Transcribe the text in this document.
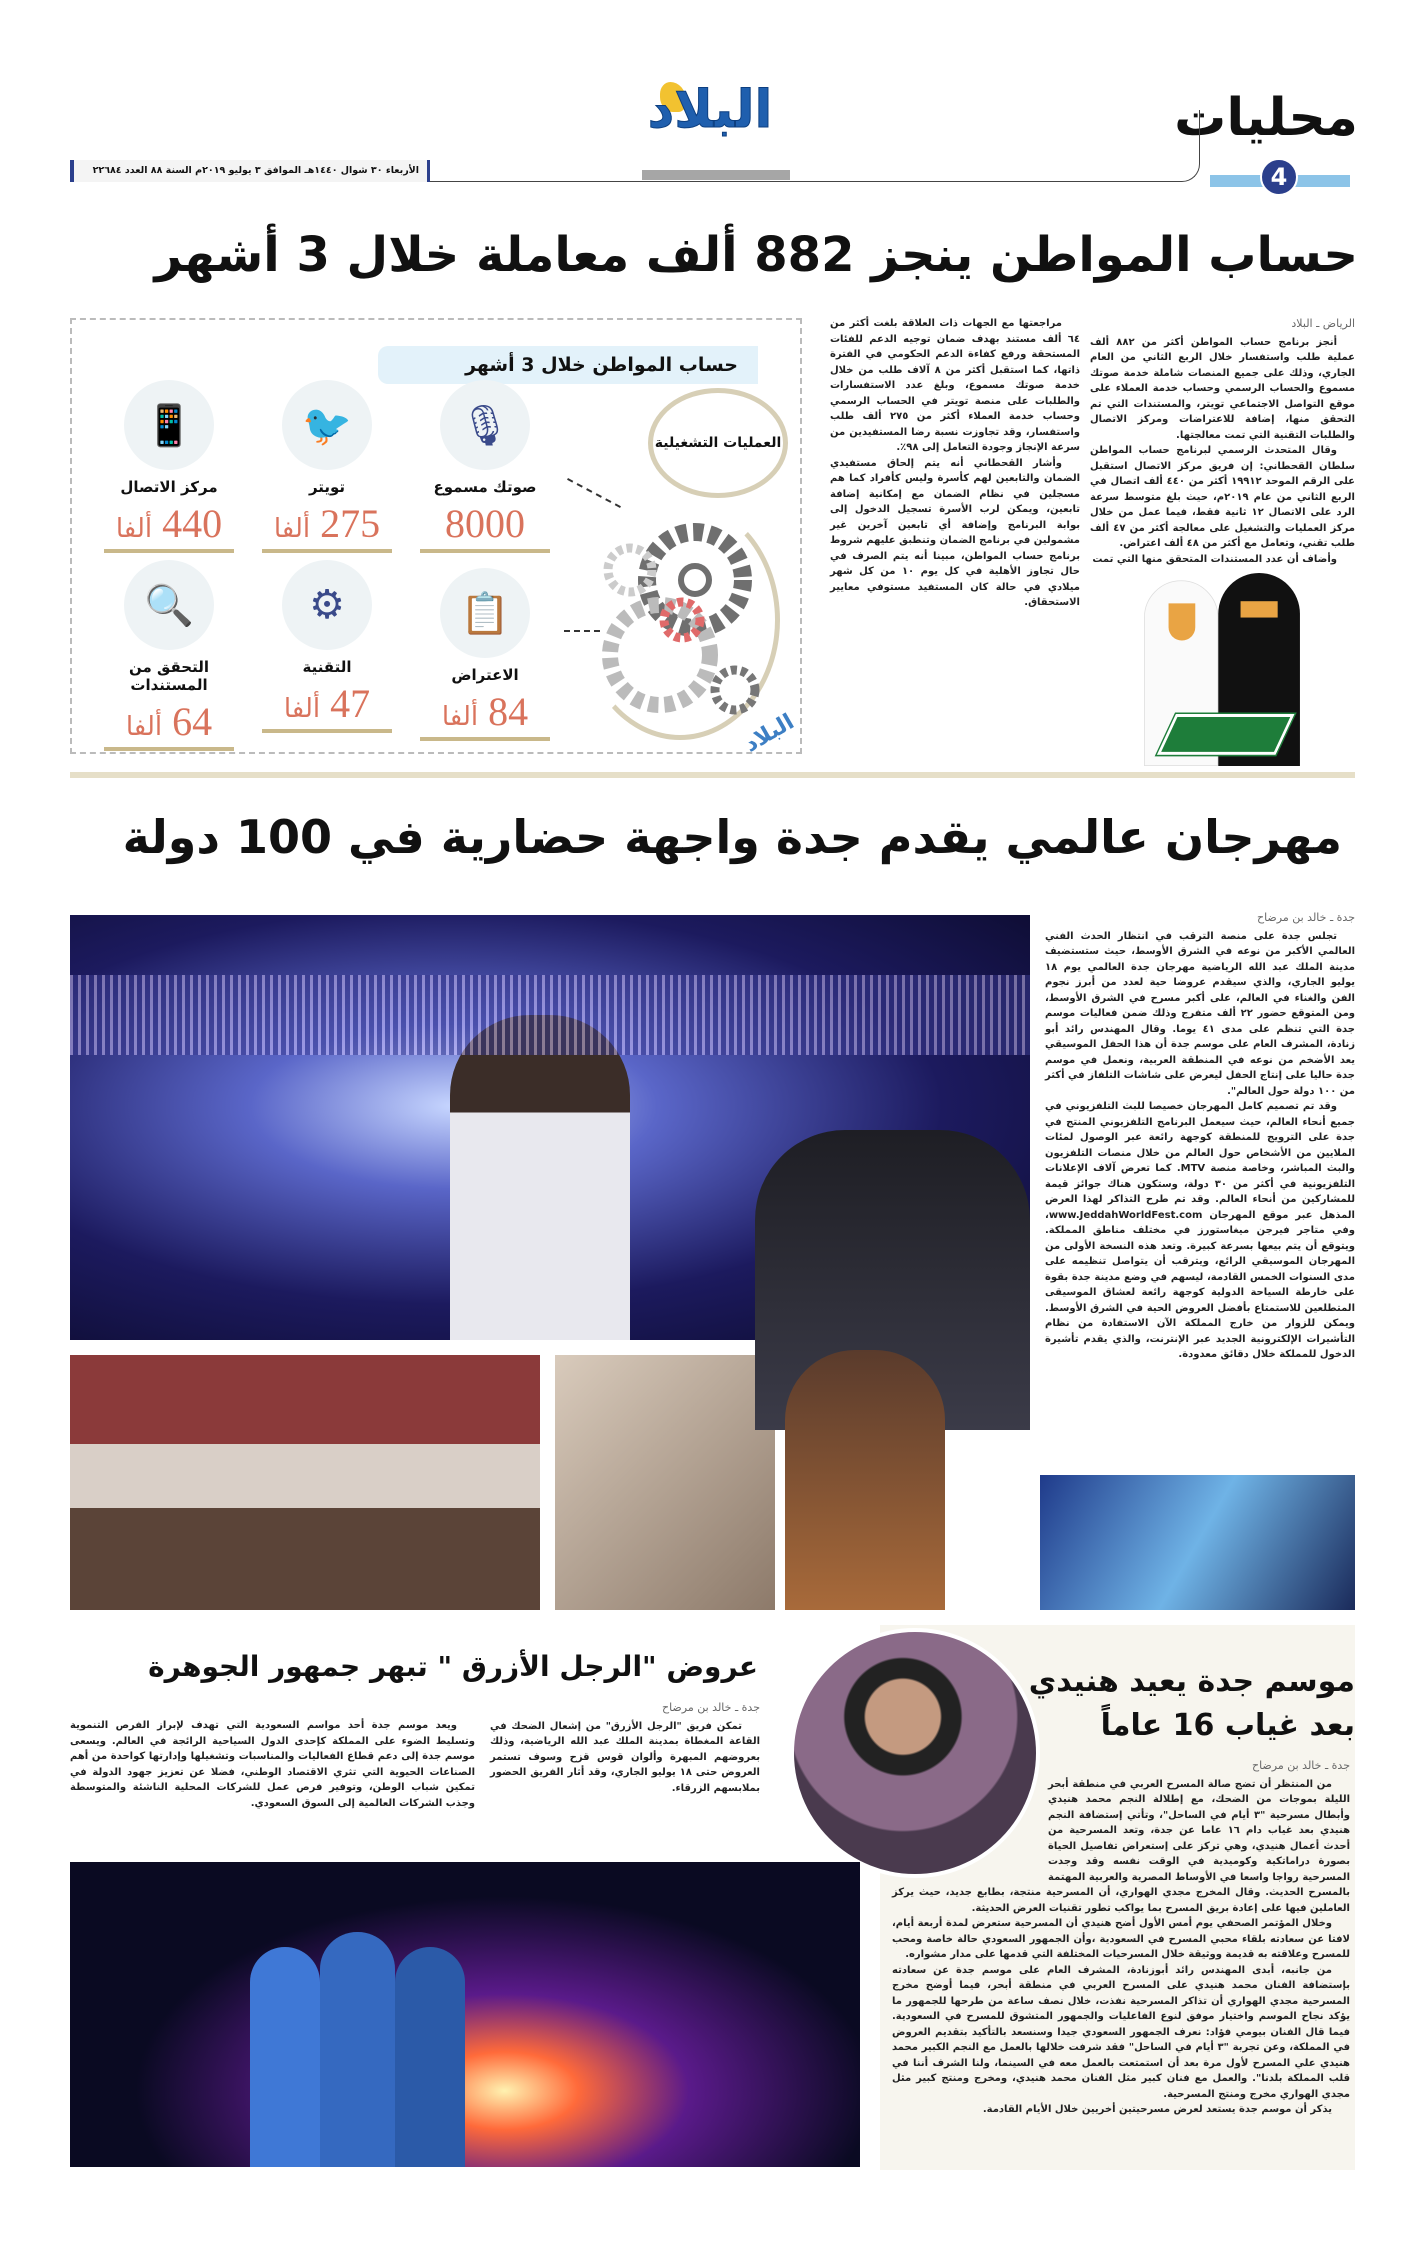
محليات
4
البلاد
الأربعاء ٣٠ شوال ١٤٤٠هـ الموافق ٣ يوليو ٢٠١٩م السنة ٨٨ العدد ٢٢٦٨٤
حساب المواطن ينجز 882 ألف معاملة خلال 3 أشهر
حساب المواطن خلال 3 أشهر
العمليات التشغيلية
البلاد
🎙
صوتك مسموع
8000
🐦
تويتر
275 ألفا
📱
مركز الاتصال
440 ألفا
📋
الاعتراض
84 ألفا
⚙
التقنية
47 ألفا
🔍
التحقق من المستندات
64 ألفا
الرياض ـ البلاد

أنجز برنامج حساب المواطن أكثر من ٨٨٢ ألف عملية طلب واستفسار خلال الربع الثاني من العام الجاري، وذلك على جميع المنصات شاملة خدمة صوتك مسموع والحساب الرسمي وحساب خدمة العملاء على موقع التواصل الاجتماعي تويتر، والمستندات التي تم التحقق منها، إضافة للاعتراضات ومركز الاتصال والطلبات التقنية التي تمت معالجتها.

وقال المتحدث الرسمي لبرنامج حساب المواطن سلطان القحطاني: إن فريق مركز الاتصال استقبل على الرقم الموحد ١٩٩١٢ أكثر من ٤٤٠ ألف اتصال في الربع الثاني من عام ٢٠١٩م، حيث بلغ متوسط سرعة الرد على الاتصال ١٢ ثانية فقط، فيما عمل من خلال مركز العمليات والتشغيل على معالجة أكثر من ٤٧ ألف طلب تقني، وتعامل مع أكثر من ٤٨ ألف اعتراض.

وأضاف أن عدد المستندات المتحقق منها التي تمت

مراجعتها مع الجهات ذات العلاقة بلغت أكثر من ٦٤ ألف مستند بهدف ضمان توجيه الدعم للفئات المستحقة ورفع كفاءة الدعم الحكومي في الفترة ذاتها، كما استقبل أكثر من ٨ آلاف طلب من خلال خدمة صوتك مسموع، وبلغ عدد الاستفسارات والطلبات على منصة تويتر في الحساب الرسمي وحساب خدمة العملاء أكثر من ٢٧٥ ألف طلب واستفسار، وقد تجاوزت نسبة رضا المستفيدين من سرعة الإنجاز وجودة التعامل إلى ٩٨٪.

وأشار القحطاني أنه يتم إلحاق مستفيدي الضمان والتابعين لهم كأسرة وليس كأفراد كما هم مسجلين في نظام الضمان مع إمكانية إضافة تابعين، ويمكن لرب الأسرة تسجيل الدخول إلى بوابة البرنامج وإضافة أي تابعين آخرين غير مشمولين في برنامج الضمان وتنطبق عليهم شروط برنامج حساب المواطن، مبينا أنه يتم الصرف في حال تجاوز الأهلية في كل يوم ١٠ من كل شهر ميلادي في حالة كان المستفيد مستوفي معايير الاستحقاق.

مهرجان عالمي يقدم جدة واجهة حضارية في 100 دولة
جدة ـ خالد بن مرضاح

تجلس جدة على منصة الترقب في انتظار الحدث الفني العالمي الأكبر من نوعه في الشرق الأوسط، حيث ستستضيف مدينة الملك عبد الله الرياضية مهرجان جدة العالمي يوم ١٨ يوليو الجاري، والذي سيقدم عروضا حية لعدد من أبرز نجوم الفن والغناء في العالم، على أكبر مسرح في الشرق الأوسط، ومن المتوقع حضور ٢٢ ألف متفرج وذلك ضمن فعاليات موسم جدة التي تنظم على مدى ٤١ يوما. وقال المهندس رائد أبو زنادة، المشرف العام على موسم جدة أن هذا الحفل الموسيقي يعد الأضخم من نوعه في المنطقة العربية، ونعمل في موسم جدة حاليا على إنتاج الحفل ليعرض على شاشات التلفاز في أكثر من ١٠٠ دولة حول العالم".

وقد تم تصميم كامل المهرجان خصيصا للبث التلفزيوني في جميع أنحاء العالم، حيث سيعمل البرنامج التلفزيوني المنتج في جدة على الترويج للمنطقة كوجهة رائعة عبر الوصول لمئات الملايين من الأشخاص حول العالم من خلال منصات التلفزيون والبث المباشر، وخاصة منصة MTV. كما تعرض آلاف الإعلانات التلفزيونية في أكثر من ٣٠ دولة، وستكون هناك جوائز قيمة للمشاركين من أنحاء العالم. وقد تم طرح التذاكر لهذا العرض المذهل عبر موقع المهرجان www.JeddahWorldFest.com، وفي متاجر فيرجن ميغاستورز في مختلف مناطق المملكة. ويتوقع أن يتم بيعها بسرعة كبيرة. وتعد هذه النسخة الأولى من المهرجان الموسيقي الرائع، ويترقب أن يتواصل تنظيمه على مدى السنوات الخمس القادمة، ليسهم في وضع مدينة جدة بقوة على خارطة السياحة الدولية كوجهة رائعة لعشاق الموسيقى المتطلعين للاستمتاع بأفضل العروض الحية في الشرق الأوسط. ويمكن للزوار من خارج المملكة الآن الاستفادة من نظام التأشيرات الإلكترونية الجديد عبر الإنترنت، والذي يقدم تأشيرة الدخول للمملكة خلال دقائق معدودة.

عروض "الرجل الأزرق " تبهر جمهور الجوهرة
جدة ـ خالد بن مرضاح

تمكن فريق "الرجل الأزرق" من إشعال الضحك في القاعة المغطاة بمدينة الملك عبد الله الرياضية، وذلك بعروضهم المبهرة وألوان قوس قزح وسوف تستمر العروض حتى ١٨ يوليو الجاري، وقد أثار الفريق الحضور بملابسهم الزرقاء.

ويعد موسم جدة أحد مواسم السعودية التي تهدف لإبراز الفرص التنموية وتسليط الضوء على المملكة كإحدى الدول السياحية الرائجة في العالم. ويسعى موسم جدة إلى دعم قطاع الفعاليات والمناسبات وتشغيلها وإدارتها كواحدة من أهم الصناعات الحيوية التي تثري الاقتصاد الوطني، فضلا عن تعزيز جهود الدولة في تمكين شباب الوطن، وتوفير فرص عمل للشركات المحلية الناشئة والمتوسطة وجذب الشركات العالمية إلى السوق السعودي.

موسم جدة يعيد هنيدي
بعد غياب 16 عاماً
جدة ـ خالد بن مرضاح

من المنتظر أن تضج صالة المسرح العربي في منطقة أبحر الليلة بموجات من الضحك، مع إطلالة النجم محمد هنيدي وأبطال مسرحية "٣ أيام في الساحل"، وتأتي إستضافة النجم هنيدي بعد غياب دام ١٦ عاما عن جدة، وتعد المسرحية من أحدث أعمال هنيدي، وهي تركز على إستعراض تفاصيل الحياة بصورة دراماتكية وكوميدية في الوقت نفسه وقد وجدت المسرحية رواجا واسعا في الأوساط المصرية والعربية المهتمة بالمسرح الحديث. وقال المخرج مجدي الهواري، أن المسرحية منتجة، بطابع جديد، حيث يركز العاملين فيها على إعادة بريق المسرح بما يواكب تطور تقنيات العرض الحديثة.

وخلال المؤتمر الصحفي يوم أمس الأول أضح هنيدي أن المسرحية ستعرض لمدة أربعة أيام، لافتا عن سعادته بلقاء محبي المسرح في السعودية ،وأن الجمهور السعودي حالة خاصة ومحب للمسرح وعلاقته به قديمة ووثيقة خلال المسرحيات المختلفة التي قدمها على مدار مشواره.

من جانبه، أبدى المهندس رائد أبوزنادة، المشرف العام على موسم جدة عن سعادته بإستضافة الفنان محمد هنيدي على المسرح العربي في منطقة أبحر، فيما أوضح مخرج المسرحية مجدي الهواري أن تذاكر المسرحية نفذت، خلال نصف ساعة من طرحها للجمهور ما يؤكد نجاح الموسم واختيار موفق لنوع الفاعليات والجمهور المتشوق للمسرح في السعودية. فيما قال الفنان بيومي فؤاد: نعرف الجمهور السعودي جيدا وسنسعد بالتأكيد بتقديم العروض في المملكة، وعن تجربة "٣ أيام في الساحل" فقد شرفت خلالها بالعمل مع النجم الكبير محمد هنيدي علي المسرح لأول مرة بعد أن استمتعت بالعمل معه في السينما، ولنا الشرف أننا في قلب المملكة بلدنا". والعمل مع فنان كبير مثل الفنان محمد هنيدي، ومخرج ومنتج كبير مثل مجدي الهواري مخرج ومنتج المسرحية.

يذكر أن موسم جدة يستعد لعرض مسرحيتين أخريين خلال الأيام القادمة.
